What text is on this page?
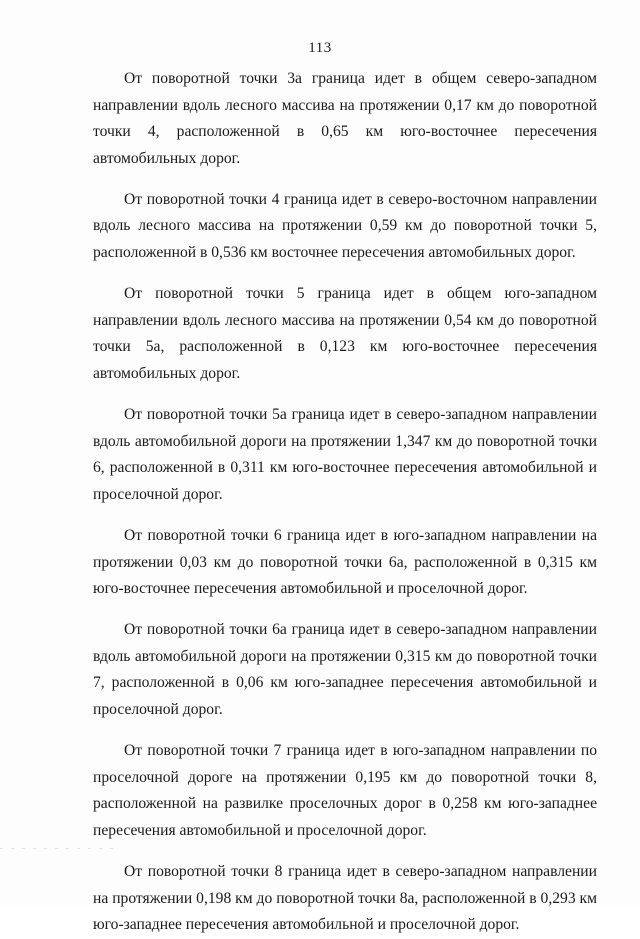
113

От поворотной точки 3а граница идет в общем северо-западном направлении вдоль лесного массива на протяжении 0,17 км до поворотной точки 4, расположенной в 0,65 км юго-восточнее пересечения автомобильных дорог.

От поворотной точки 4 граница идет в северо-восточном направлении вдоль лесного массива на протяжении 0,59 км до поворотной точки 5, расположенной в 0,536 км восточнее пересечения автомобильных дорог.

От поворотной точки 5 граница идет в общем юго-западном направлении вдоль лесного массива на протяжении 0,54 км до поворотной точки 5а, расположенной в 0,123 км юго-восточнее пересечения автомобильных дорог.

От поворотной точки 5а граница идет в северо-западном направлении вдоль автомобильной дороги на протяжении 1,347 км до поворотной точки 6, расположенной в 0,311 км юго-восточнее пересечения автомобильной и проселочной дорог.

От поворотной точки 6 граница идет в юго-западном направлении на протяжении 0,03 км до поворотной точки 6а, расположенной в 0,315 км юго-восточнее пересечения автомобильной и проселочной дорог.

От поворотной точки 6а граница идет в северо-западном направлении вдоль автомобильной дороги на протяжении 0,315 км до поворотной точки 7, расположенной в 0,06 км юго-западнее пересечения автомобильной и проселочной дорог.

От поворотной точки 7 граница идет в юго-западном направлении по проселочной дороге на протяжении 0,195 км до поворотной точки 8, расположенной на развилке проселочных дорог в 0,258 км юго-западнее пересечения автомобильной и проселочной дорог.

От поворотной точки 8 граница идет в северо-западном направлении на протяжении 0,198 км до поворотной точки 8а, расположенной в 0,293 км юго-западнее пересечения автомобильной и проселочной дорог.
